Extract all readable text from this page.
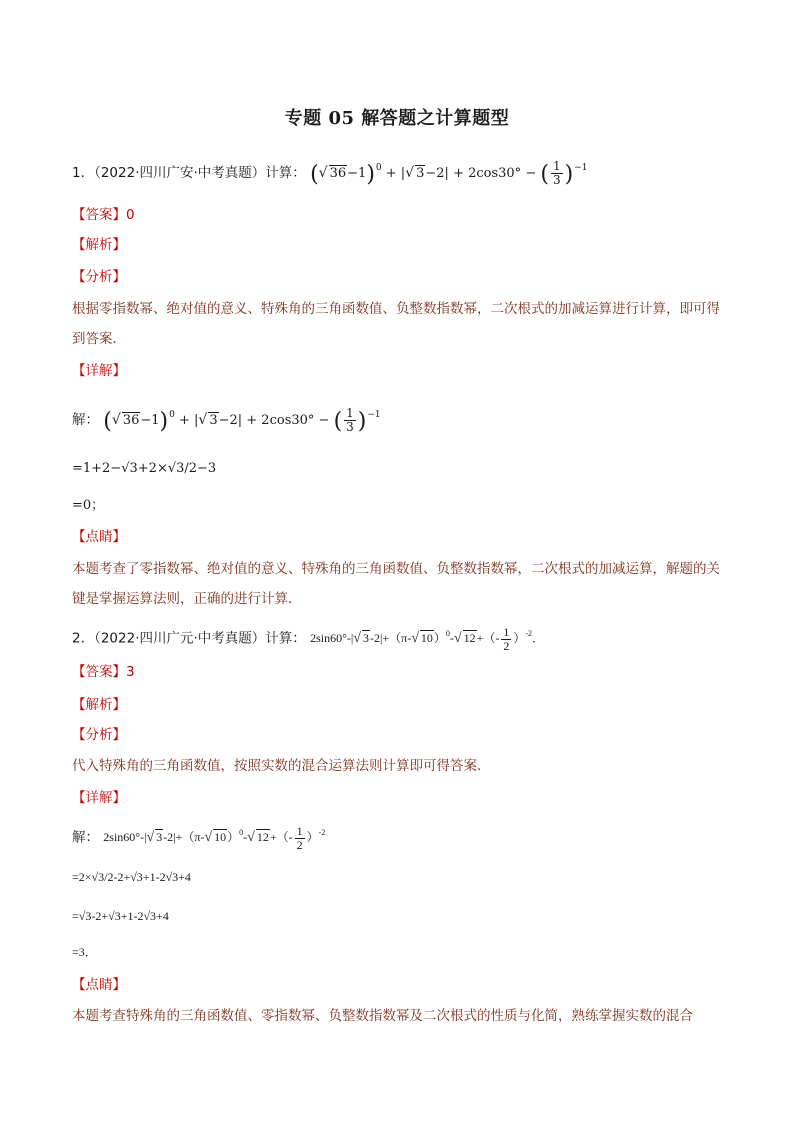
专题 05 解答题之计算题型
1．（2022·四川广安·中考真题）计算： (√ 36−1)$^0$ + |√ 3−2| + 2cos30° − ( $\frac{1}{3} )^{-1}$
【答案】0
【解析】
【分析】
根据零指数幂、绝对值的意义、特殊角的三角函数值、负整数指数幂，二次根式的加减运算进行计算，即可得到答案．
【详解】
解： (√ 36−1)$^0$ + |√ 3−2| + 2cos30° − ( $\frac{1}{3} )^{-1}$
=1+2−√3+2×√3/2−3
=0；
【点睛】
本题考查了零指数幂、绝对值的意义、特殊角的三角函数值、负整数指数幂，二次根式的加减运算，解题的关键是掌握运算法则，正确的进行计算．
2．（2022·四川广元·中考真题）计算： 2sin60°-|√ 3-2|+（π-√ 10）$^0$-√ $12+(- \frac{1}{2} )^{-2}$．
【答案】3
【解析】
【分析】
代入特殊角的三角函数值，按照实数的混合运算法则计算即可得答案．
【详解】
解： 2sin60°-|√ 3-2|+（π-√ 10）$^0$-√ $12+(- \frac{1}{2} )^{-2}$
=2×√3/2-2+√3+1-2√3+4
=√3-2+√3+1-2√3+4
=3．
【点睛】
本题考查特殊角的三角函数值、零指数幂、负整数指数幂及二次根式的性质与化简，熟练掌握实数的混合
